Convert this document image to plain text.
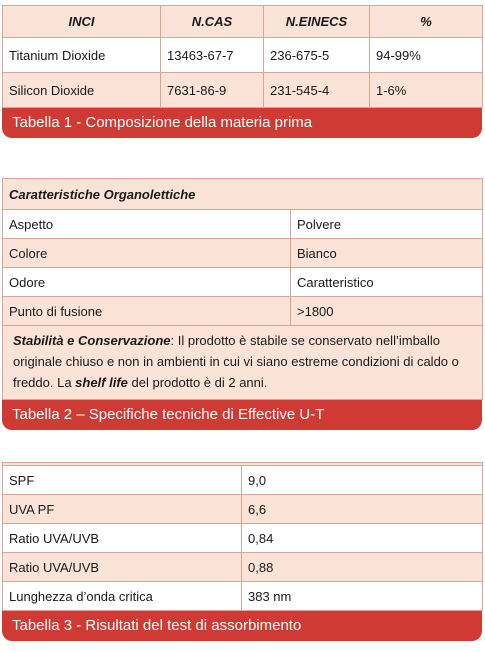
INCI	N.CAS	N.EINECS	%
Titanium Dioxide	13463-67-7	236-675-5	94-99%
Silicon Dioxide	7631-86-9	231-545-4	1-6%
Tabella 1 - Composizione della materia prima
Caratteristiche Organolettiche	
Aspetto	Polvere
Colore	Bianco
Odore	Caratteristico
Punto di fusione	>1800
Stabilità e Conservazione: Il prodotto è stabile se conservato nell’imballo originale chiuso e non in ambienti in cui vi siano estreme condizioni di caldo o freddo. La shelf life del prodotto è di 2 anni.	
Tabella 2 – Specifiche tecniche di Effective U-T

SPF	9,0
UVA PF	6,6
Ratio UVA/UVB	0,84
Ratio UVA/UVB	0,88
Lunghezza d’onda critica	383 nm
Tabella 3 - Risultati del test di assorbimento
